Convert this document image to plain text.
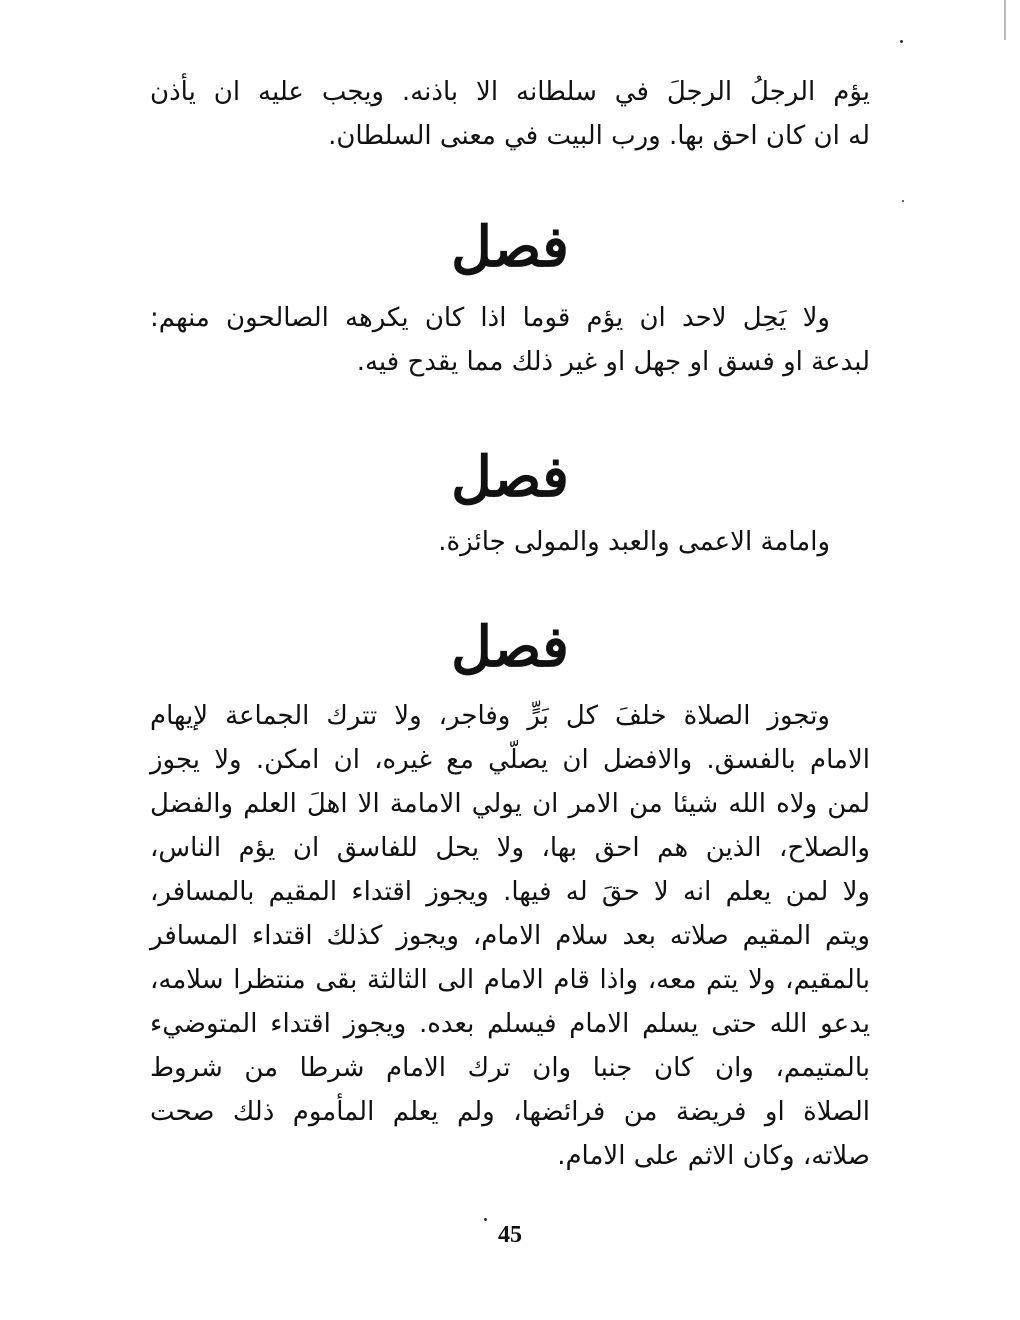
يؤم الرجلُ الرجلَ في سلطانه الا باذنه. ويجب عليه ان يأذن
له ان كان احق بها. ورب البيت في معنى السلطان.
فصل
ولا يَحِل لاحد ان يؤم قوما اذا كان يكرهه الصالحون منهم:
لبدعة او فسق او جهل او غير ذلك مما يقدح فيه.
فصل
وامامة الاعمى والعبد والمولى جائزة.
فصل
وتجوز الصلاة خلفَ كل بَرٍّ وفاجر، ولا تترك الجماعة لإيهام
الامام بالفسق. والافضل ان يصلّي مع غيره، ان امكن. ولا يجوز
لمن ولاه الله شيئا من الامر ان يولي الامامة الا اهلَ العلم والفضل
والصلاح، الذين هم احق بها، ولا يحل للفاسق ان يؤم الناس،
ولا لمن يعلم انه لا حقَ له فيها. ويجوز اقتداء المقيم بالمسافر،
ويتم المقيم صلاته بعد سلام الامام، ويجوز كذلك اقتداء المسافر
بالمقيم، ولا يتم معه، واذا قام الامام الى الثالثة بقى منتظرا سلامه،
يدعو الله حتى يسلم الامام فيسلم بعده. ويجوز اقتداء المتوضيء
بالمتيمم، وان كان جنبا وان ترك الامام شرطا من شروط
الصلاة او فريضة من فرائضها، ولم يعلم المأموم ذلك صحت
صلاته، وكان الاثم على الامام.
45
